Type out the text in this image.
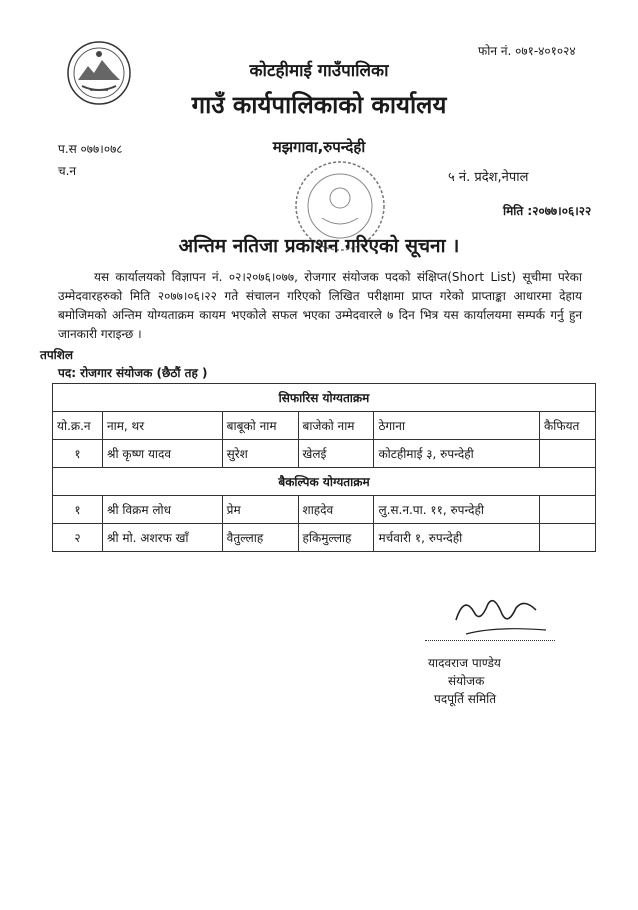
फोन नं. ०७१-४०१०२४
कोटहीमाई गाउँपालिका
गाउँ कार्यपालिकाको कार्यालय
प.स ०७७।०७८	मझगावा,रुपन्देही
च.न	५ नं. प्रदेश,नेपाल
मिति :२०७७।०६।२२
अन्तिम नतिजा प्रकाशन गरिएको सूचना ।
यस कार्यालयको विज्ञापन नं. ०२।२०७६।०७७, रोजगार संयोजक पदको संक्षिप्त(Short List) सूचीमा परेका उम्मेदवारहरुको मिति २०७७।०६।२२ गते संचालन गरिएको लिखित परीक्षामा प्राप्त गरेको प्राप्ताङ्का आधारमा देहाय बमोजिमको अन्तिम योग्यताक्रम कायम भएकोले सफल भएका उम्मेदवारले ७ दिन भित्र यस कार्यालयमा सम्पर्क गर्नु हुन जानकारी गराइन्छ ।
तपशिल
पद: रोजगार संयोजक (छैठौं तह )
सिफारिस योग्यताक्रम					
यो.क्र.न	नाम, थर	बाबूको नाम	बाजेको नाम	ठेगाना	कैफियत
१	श्री कृष्ण यादव	सुरेश	खेलई	कोटहीमाई ३, रुपन्देही	
बैकल्पिक योग्यताक्रम					
१	श्री विक्रम लोध	प्रेम	शाहदेव	लु.स.न.पा. ११, रुपन्देही	
२	श्री मो. अशरफ खाँ	वैतुल्लाह	हकिमुल्लाह	मर्चवारी १, रुपन्देही	
यादवराज पाण्डेय
संयोजक
पदपूर्ति समिति
